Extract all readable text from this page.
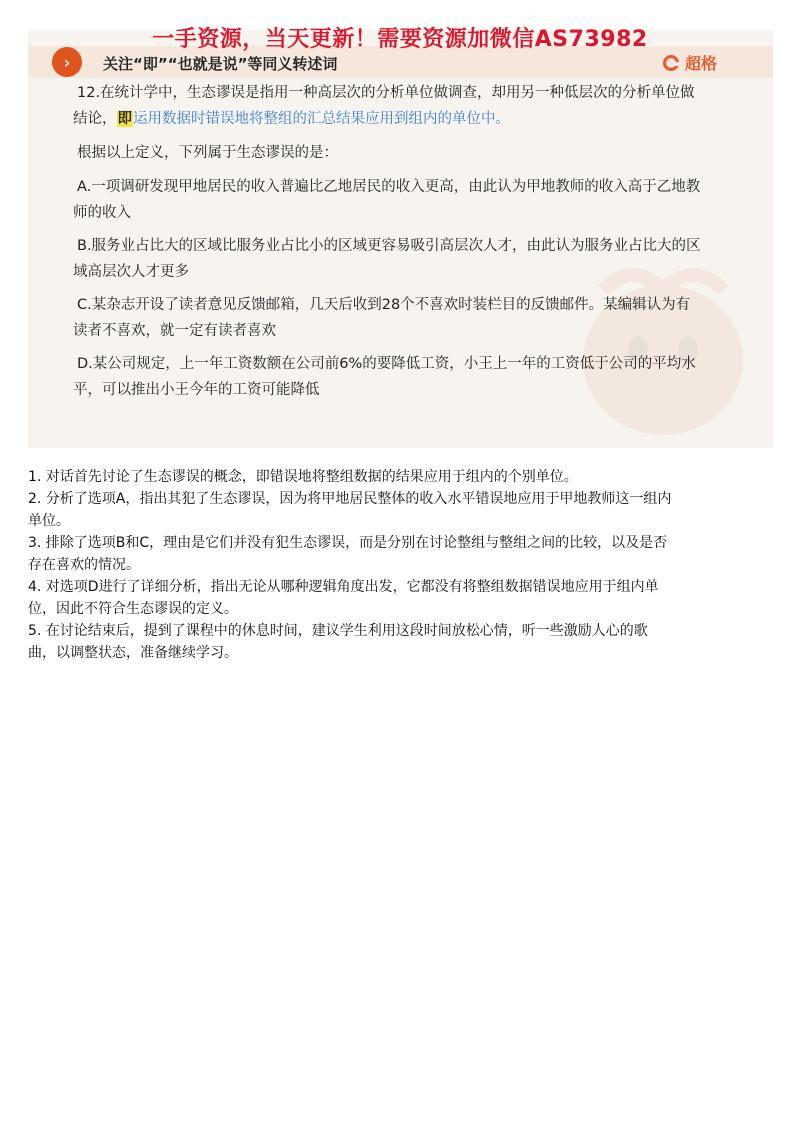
›	关注“即”“也就是说”等同义转述词	超格
一手资源，当天更新！需要资源加微信AS73982
12.在统计学中，生态谬误是指用一种高层次的分析单位做调查，却用另一种低层次的分析单位做
结论，即运用数据时错误地将整组的汇总结果应用到组内的单位中。
根据以上定义，下列属于生态谬误的是：
A.一项调研发现甲地居民的收入普遍比乙地居民的收入更高，由此认为甲地教师的收入高于乙地教
师的收入
B.服务业占比大的区域比服务业占比小的区域更容易吸引高层次人才，由此认为服务业占比大的区
域高层次人才更多
C.某杂志开设了读者意见反馈邮箱，几天后收到28个不喜欢时装栏目的反馈邮件。某编辑认为有
读者不喜欢，就一定有读者喜欢
D.某公司规定，上一年工资数额在公司前6%的要降低工资，小王上一年的工资低于公司的平均水
平，可以推出小王今年的工资可能降低

1. 对话首先讨论了生态谬误的概念，即错误地将整组数据的结果应用于组内的个别单位。

2. 分析了选项A，指出其犯了生态谬误，因为将甲地居民整体的收入水平错误地应用于甲地教师这一组内

单位。

3. 排除了选项B和C，理由是它们并没有犯生态谬误，而是分别在讨论整组与整组之间的比较，以及是否

存在喜欢的情况。

4. 对选项D进行了详细分析，指出无论从哪种逻辑角度出发，它都没有将整组数据错误地应用于组内单

位，因此不符合生态谬误的定义。

5. 在讨论结束后，提到了课程中的休息时间，建议学生利用这段时间放松心情，听一些激励人心的歌

曲，以调整状态，准备继续学习。
